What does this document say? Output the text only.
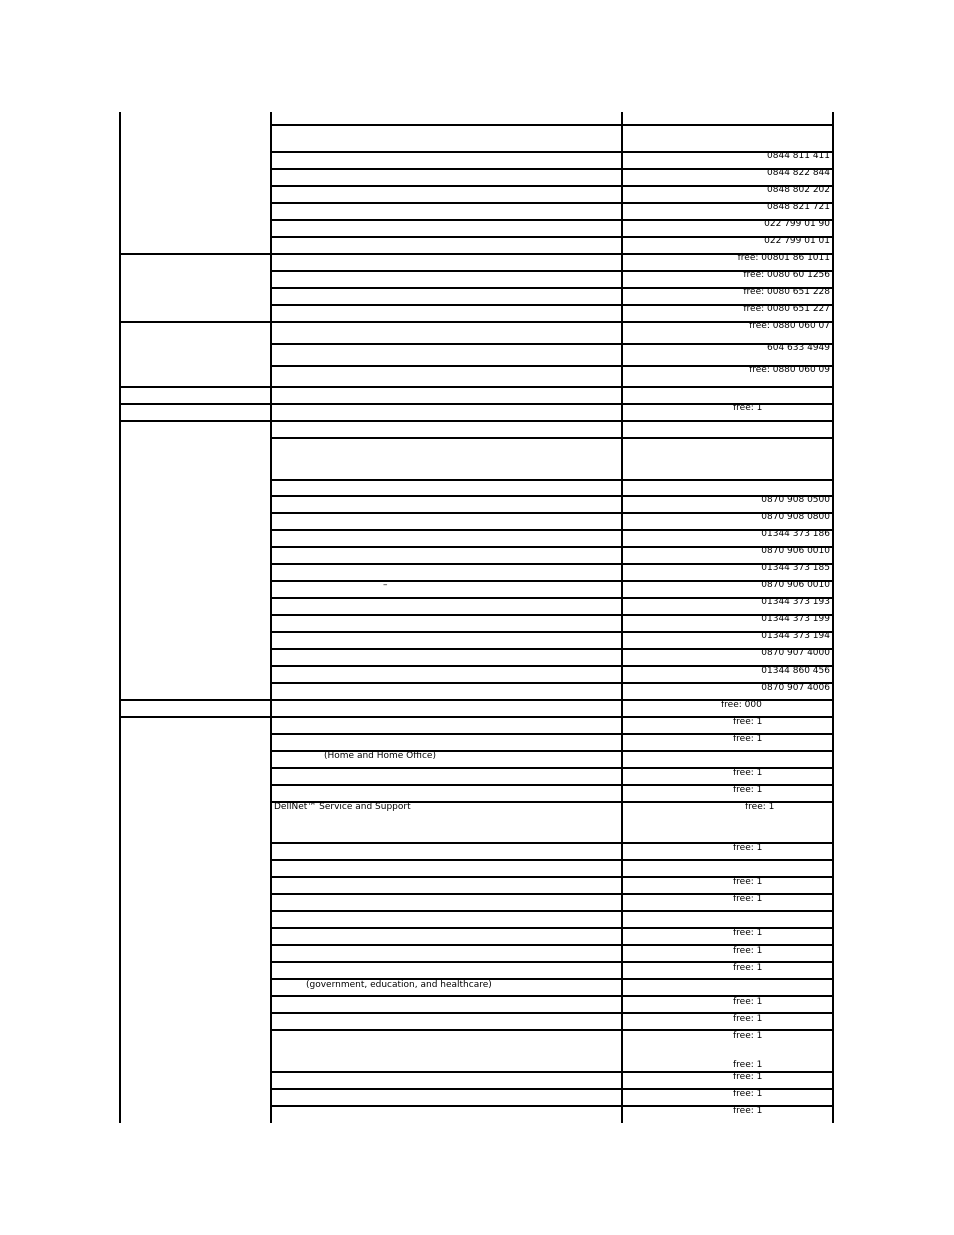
0844 811 411
0844 822 844
0848 802 202
0848 821 721
022 799 01 90
022 799 01 01
free: 00801 86 1011
free: 0080 60 1256
free: 0080 651 228
free: 0080 651 227
free: 0880 060 07
604 633 4949
free: 0880 060 09
free: 1
0870 908 0500
0870 908 0800
01344 373 186
0870 906 0010
01344 373 185
0870 906 0010
–
01344 373 193
01344 373 199
01344 373 194
0870 907 4000
01344 860 456
0870 907 4006
free: 000
free: 1
free: 1
(Home and Home Office)
free: 1
free: 1
free: 1
DellNet™ Service and Support
free: 1
free: 1
free: 1
free: 1
free: 1
free: 1
(government, education, and healthcare)
free: 1
free: 1
free: 1
free: 1
free: 1
free: 1
free: 1
